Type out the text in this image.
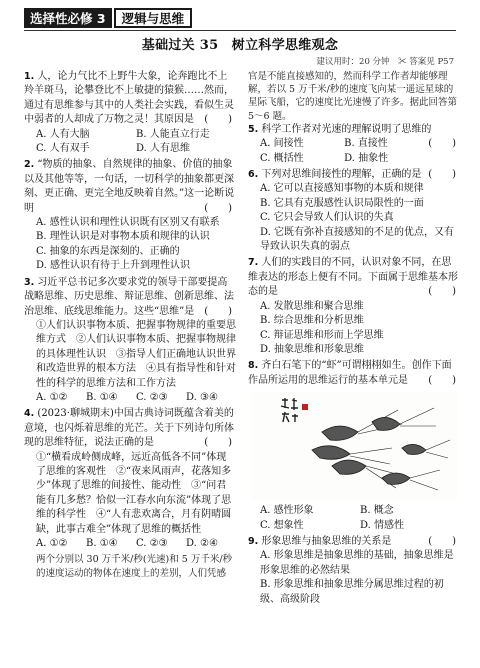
选择性必修 3	逻辑与思维
基础过关 35　树立科学思维观念
建议用时：20 分钟　✂ 答案见 P57
1. 人，论力气比不上野牛大象，论奔跑比不上羚羊斑马，论攀登比不上敏捷的猿猴……然而，通过有思维参与其中的人类社会实践，看似生灵中弱者的人却成了万物之灵！其原因是 (　　)
A. 人有大脑	B. 人能直立行走
C. 人有双手	D. 人有思维
2. “物质的抽象、自然规律的抽象、价值的抽象以及其他等等，一句话，一切科学的抽象都更深刻、更正确、更完全地反映着自然。”这一论断说明	(　　)
A. 感性认识和理性认识既有区别又有联系
B. 理性认识是对事物本质和规律的认识
C. 抽象的东西是深刻的、正确的
D. 感性认识有待于上升到理性认识
3. 习近平总书记多次要求党的领导干部要提高战略思维、历史思维、辩证思维、创新思维、法治思维、底线思维能力。这些“思维”是 (　　)
①人们认识事物本质、把握事物规律的重要思维方式　②人们认识事物本质、把握事物规律的具体理性认识　③指导人们正确地认识世界和改造世界的根本方法　④具有指导性和针对性的科学的思维方法和工作方法
A. ①②	B. ①④	C. ②③	D. ③④
4. (2023·聊城期末)中国古典诗词既蕴含着美的意境，也闪烁着思维的光芒。关于下列诗句所体现的思维特征，说法正确的是	(　　)
①“横看成岭侧成峰，远近高低各不同”体现了思维的客观性　②“夜来风雨声，花落知多少”体现了思维的间接性、能动性　③“问君能有几多愁？恰似一江春水向东流”体现了思维的科学性　④“人有悲欢离合，月有阴晴圆缺，此事古难全”体现了思维的概括性
A. ①②	B. ①④	C. ②③	D. ②④
两个分别以 30 万千米/秒(光速)和 5 万千米/秒的速度运动的物体在速度上的差别，人们凭感
官是不能直接感知的，然而科学工作者却能够理解，若以 5 万千米/秒的速度飞向某一遥远星球的星际飞船，它的速度比光速慢了许多。据此回答第 5～6 题。
5. 科学工作者对光速的理解说明了思维的
(　　)
A. 间接性	B. 直接性
C. 概括性	D. 抽象性
6. 下列对思维间接性的理解，正确的是 (　　)
A. 它可以直接感知事物的本质和规律
B. 它具有克服感性认识局限性的一面
C. 它只会导致人们认识的失真
D. 它既有弥补直接感知的不足的优点，又有导致认识失真的弱点
7. 人们的实践目的不同，认识对象不同，在思维表达的形态上便有不同。下面属于思维基本形态的是	(　　)
A. 发散思维和聚合思维
B. 综合思维和分析思维
C. 辩证思维和形而上学思维
D. 抽象思维和形象思维
8. 齐白石笔下的“虾”可谓栩栩如生。创作下面作品所运用的思维运行的基本单元是 (　　)
A. 感性形象	B. 概念
C. 想象性	D. 情感性
9. 形象思维与抽象思维的关系是	(　　)
A. 形象思维是抽象思维的基础，抽象思维是形象思维的必然结果
B. 形象思维和抽象思维分属思维过程的初级、高级阶段
